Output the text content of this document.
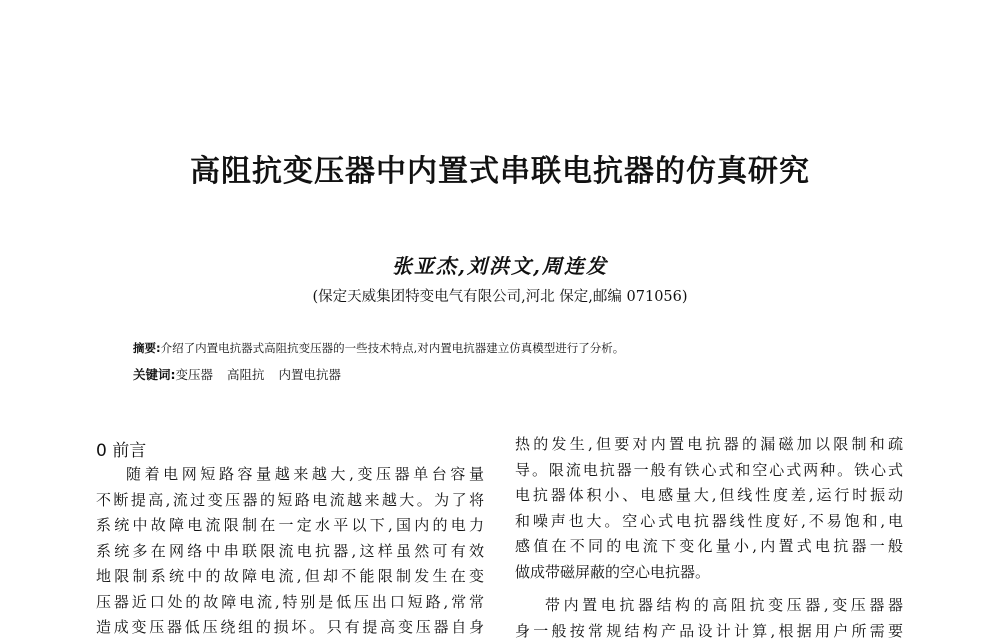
高阻抗变压器中内置式串联电抗器的仿真研究
张亚杰,刘洪文,周连发
(保定天威集团特变电气有限公司,河北 保定,邮编 071056)
摘要:介绍了内置电抗器式高阻抗变压器的一些技术特点,对内置电抗器建立仿真模型进行了分析。
关键词:变压器 高阻抗 内置电抗器
0 前言
随着电网短路容量越来越大,变压器单台容量
不断提高,流过变压器的短路电流越来越大。为了将
系统中故障电流限制在一定水平以下,国内的电力
系统多在网络中串联限流电抗器,这样虽然可有效
地限制系统中的故障电流,但却不能限制发生在变
压器近口处的故障电流,特别是低压出口短路,常常
造成变压器低压绕组的损坏。只有提高变压器自身
热的发生,但要对内置电抗器的漏磁加以限制和疏
导。限流电抗器一般有铁心式和空心式两种。铁心式
电抗器体积小、电感量大,但线性度差,运行时振动
和噪声也大。空心式电抗器线性度好,不易饱和,电
感值在不同的电流下变化量小,内置式电抗器一般
做成带磁屏蔽的空心电抗器。
带内置电抗器结构的高阻抗变压器,变压器器
身一般按常规结构产品设计计算,根据用户所需要
